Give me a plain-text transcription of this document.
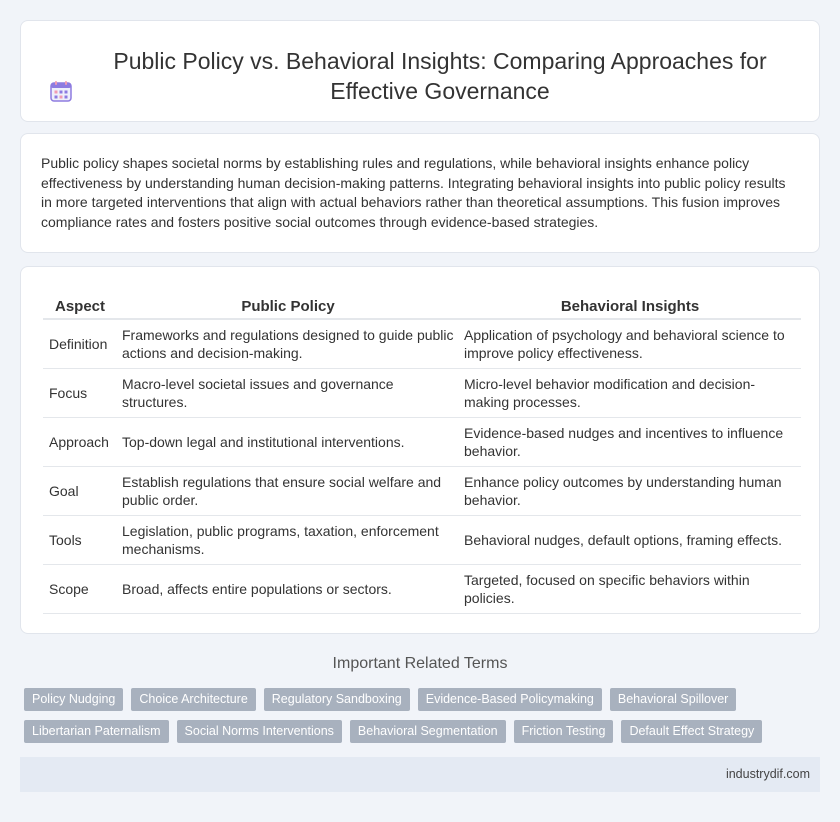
Public Policy vs. Behavioral Insights: Comparing Approaches for Effective Governance

Public policy shapes societal norms by establishing rules and regulations, while behavioral insights enhance policy effectiveness by understanding human decision-making patterns. Integrating behavioral insights into public policy results in more targeted interventions that align with actual behaviors rather than theoretical assumptions. This fusion improves compliance rates and fosters positive social outcomes through evidence-based strategies.

Aspect	Public Policy	Behavioral Insights
Definition	Frameworks and regulations designed to guide public actions and decision-making.	Application of psychology and behavioral science to improve policy effectiveness.
Focus	Macro-level societal issues and governance structures.	Micro-level behavior modification and decision-making processes.
Approach	Top-down legal and institutional interventions.	Evidence-based nudges and incentives to influence behavior.
Goal	Establish regulations that ensure social welfare and public order.	Enhance policy outcomes by understanding human behavior.
Tools	Legislation, public programs, taxation, enforcement mechanisms.	Behavioral nudges, default options, framing effects.
Scope	Broad, affects entire populations or sectors.	Targeted, focused on specific behaviors within policies.
Important Related Terms
Policy Nudging	Choice Architecture	Regulatory Sandboxing	Evidence-Based Policymaking	Behavioral Spillover
Libertarian Paternalism	Social Norms Interventions	Behavioral Segmentation	Friction Testing	Default Effect Strategy
industrydif.com
